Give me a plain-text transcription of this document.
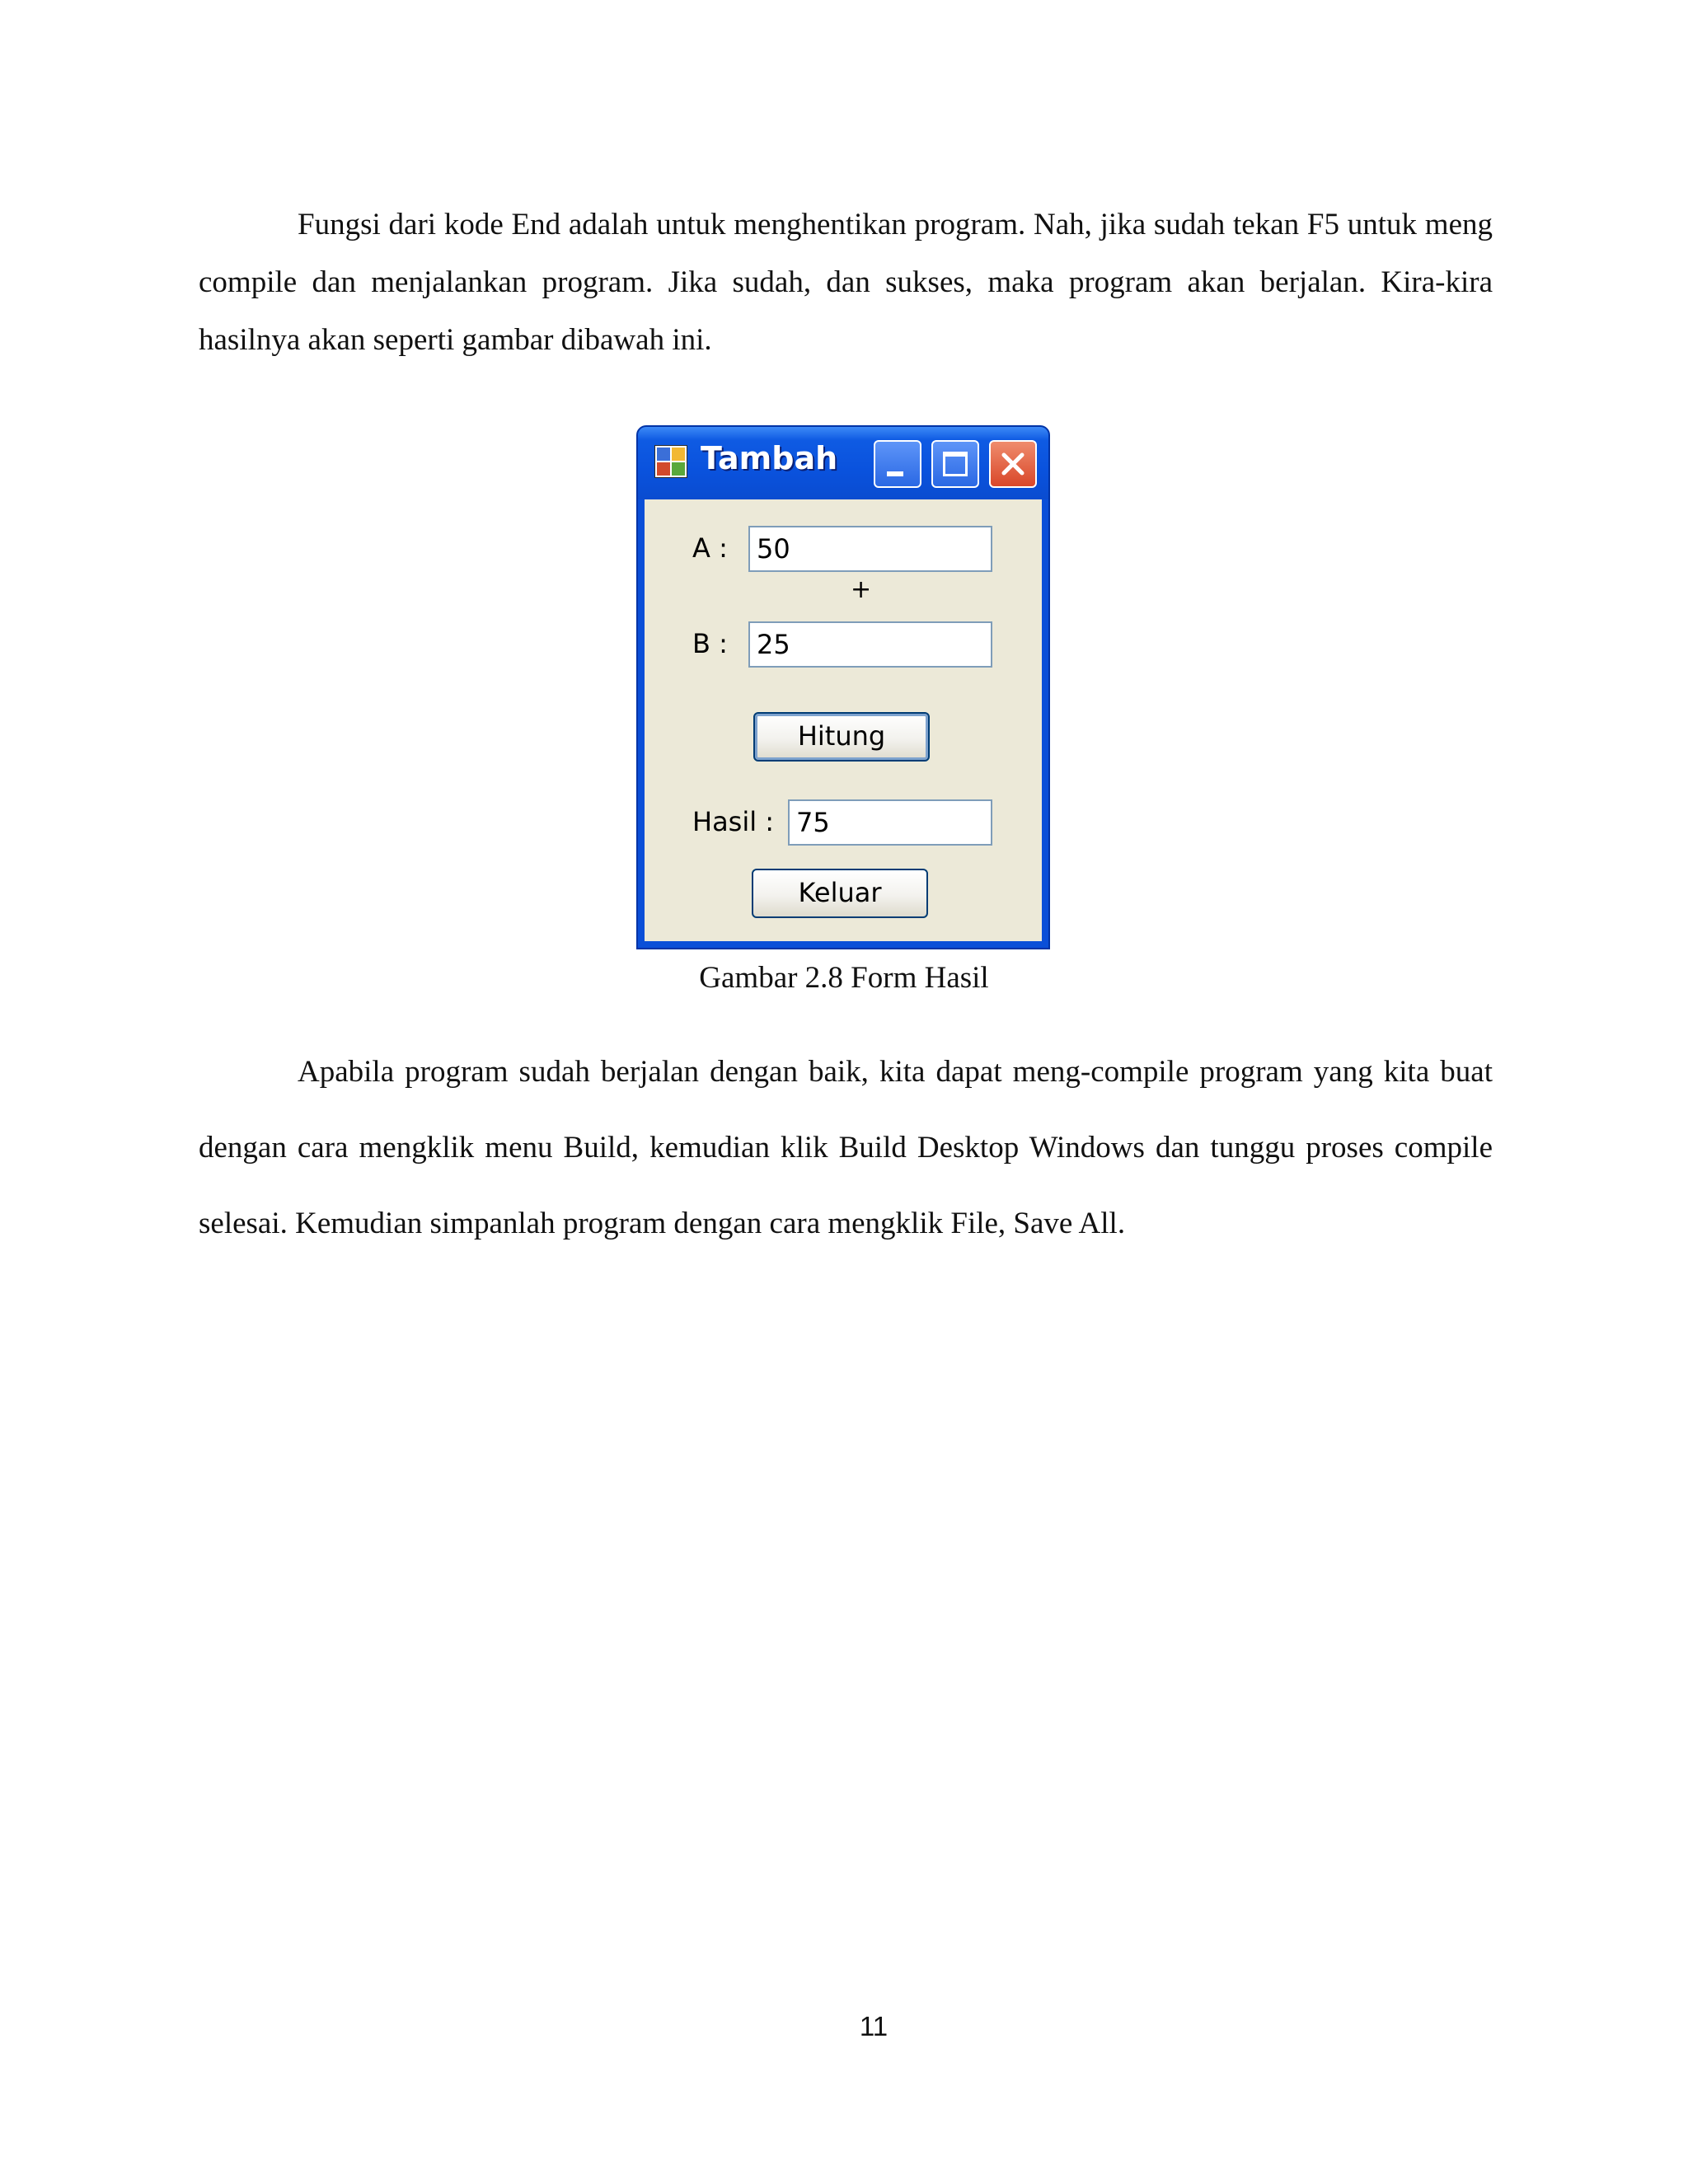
Fungsi dari kode End adalah untuk menghentikan program. Nah, jika sudah tekan F5 untuk meng compile dan menjalankan program. Jika sudah, dan sukses, maka program akan berjalan. Kira-kira hasilnya akan seperti gambar dibawah ini.

Tambah
A :	50
+
B :	25
Hitung
Hasil : 75
Keluar

Gambar 2.8 Form Hasil

Apabila program sudah berjalan dengan baik, kita dapat meng-compile program yang kita buat dengan cara mengklik menu Build, kemudian klik Build Desktop Windows dan tunggu proses compile selesai. Kemudian simpanlah program dengan cara mengklik File, Save All.

11
